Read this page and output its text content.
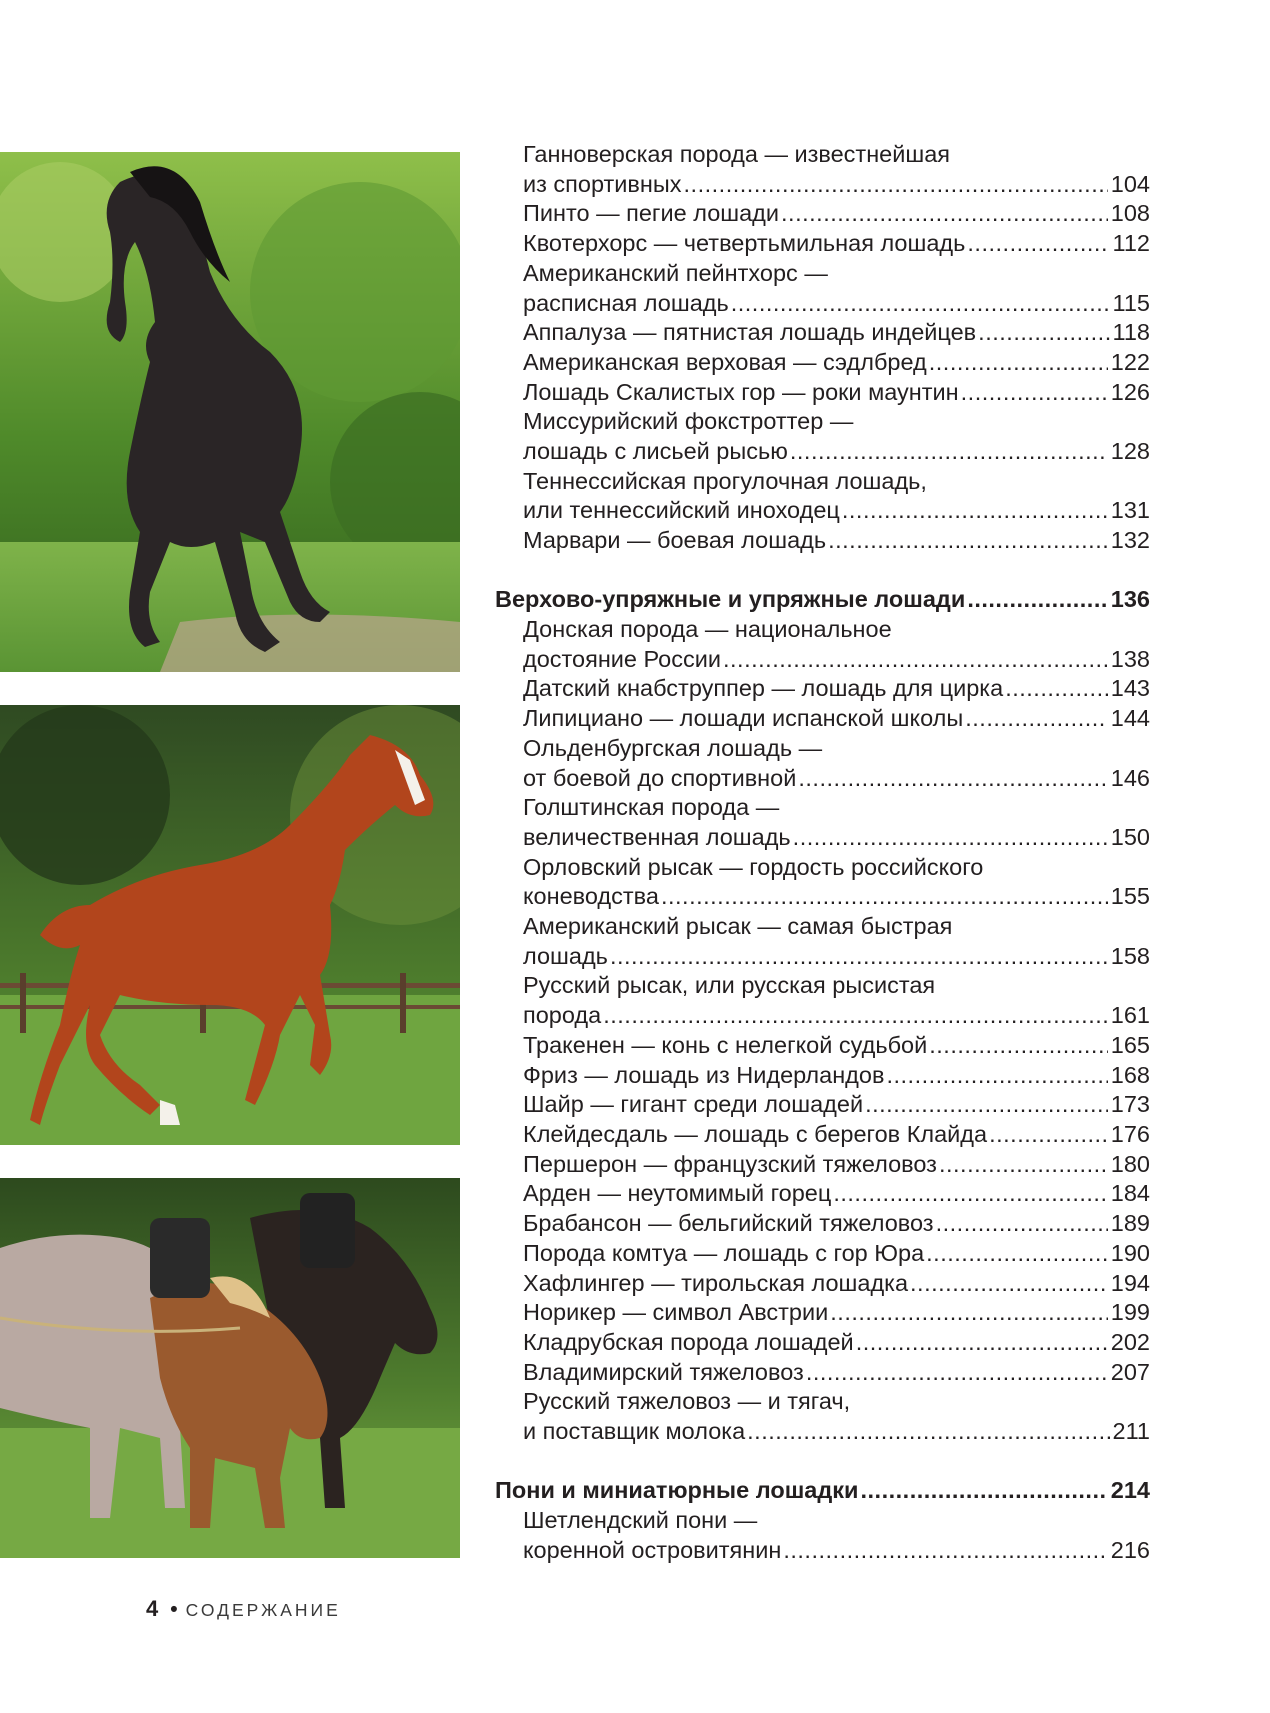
Ганноверская порода — известнейшая
из спортивных .....	104
Пинто — пегие лошади .....	108
Квотерхорс — четвертьмильная лошадь .....	112
Американский пейнтхорс —
расписная лошадь .....	115
Аппалуза — пятнистая лошадь индейцев .....	118
Американская верховая — сэдлбред .....	122
Лошадь Скалистых гор — роки маунтин .....	126
Миссурийский фокстроттер —
лошадь с лисьей рысью .....	128
Теннессийская прогулочная лошадь,
или теннессийский иноходец .....	131
Марвари — боевая лошадь .....	132
Верхово-упряжные и упряжные лошади .....	136
Донская порода — национальное
достояние России .....	138
Датский кнабструппер — лошадь для цирка .....	143
Липициано — лошади испанской школы .....	144
Ольденбургская лошадь —
от боевой до спортивной .....	146
Голштинская порода —
величественная лошадь .....	150
Орловский рысак — гордость российского
коневодства .....	155
Американский рысак — самая быстрая
лошадь .....	158
Русский рысак, или русская рысистая
порода .....	161
Тракенен — конь с нелегкой судьбой .....	165
Фриз — лошадь из Нидерландов .....	168
Шайр — гигант среди лошадей .....	173
Клейдесдаль — лошадь с берегов Клайда .....	176
Першерон — французский тяжеловоз .....	180
Арден — неутомимый горец .....	184
Брабансон — бельгийский тяжеловоз .....	189
Порода комтуа — лошадь с гор Юра .....	190
Хафлингер — тирольская лошадка .....	194
Норикер — символ Австрии .....	199
Кладрубская порода лошадей .....	202
Владимирский тяжеловоз .....	207
Русский тяжеловоз — и тягач,
и поставщик молока .....	211
Пони и миниатюрные лошадки .....	214
Шетлендский пони —
коренной островитянин .....	216
4 • СОДЕРЖАНИЕ
